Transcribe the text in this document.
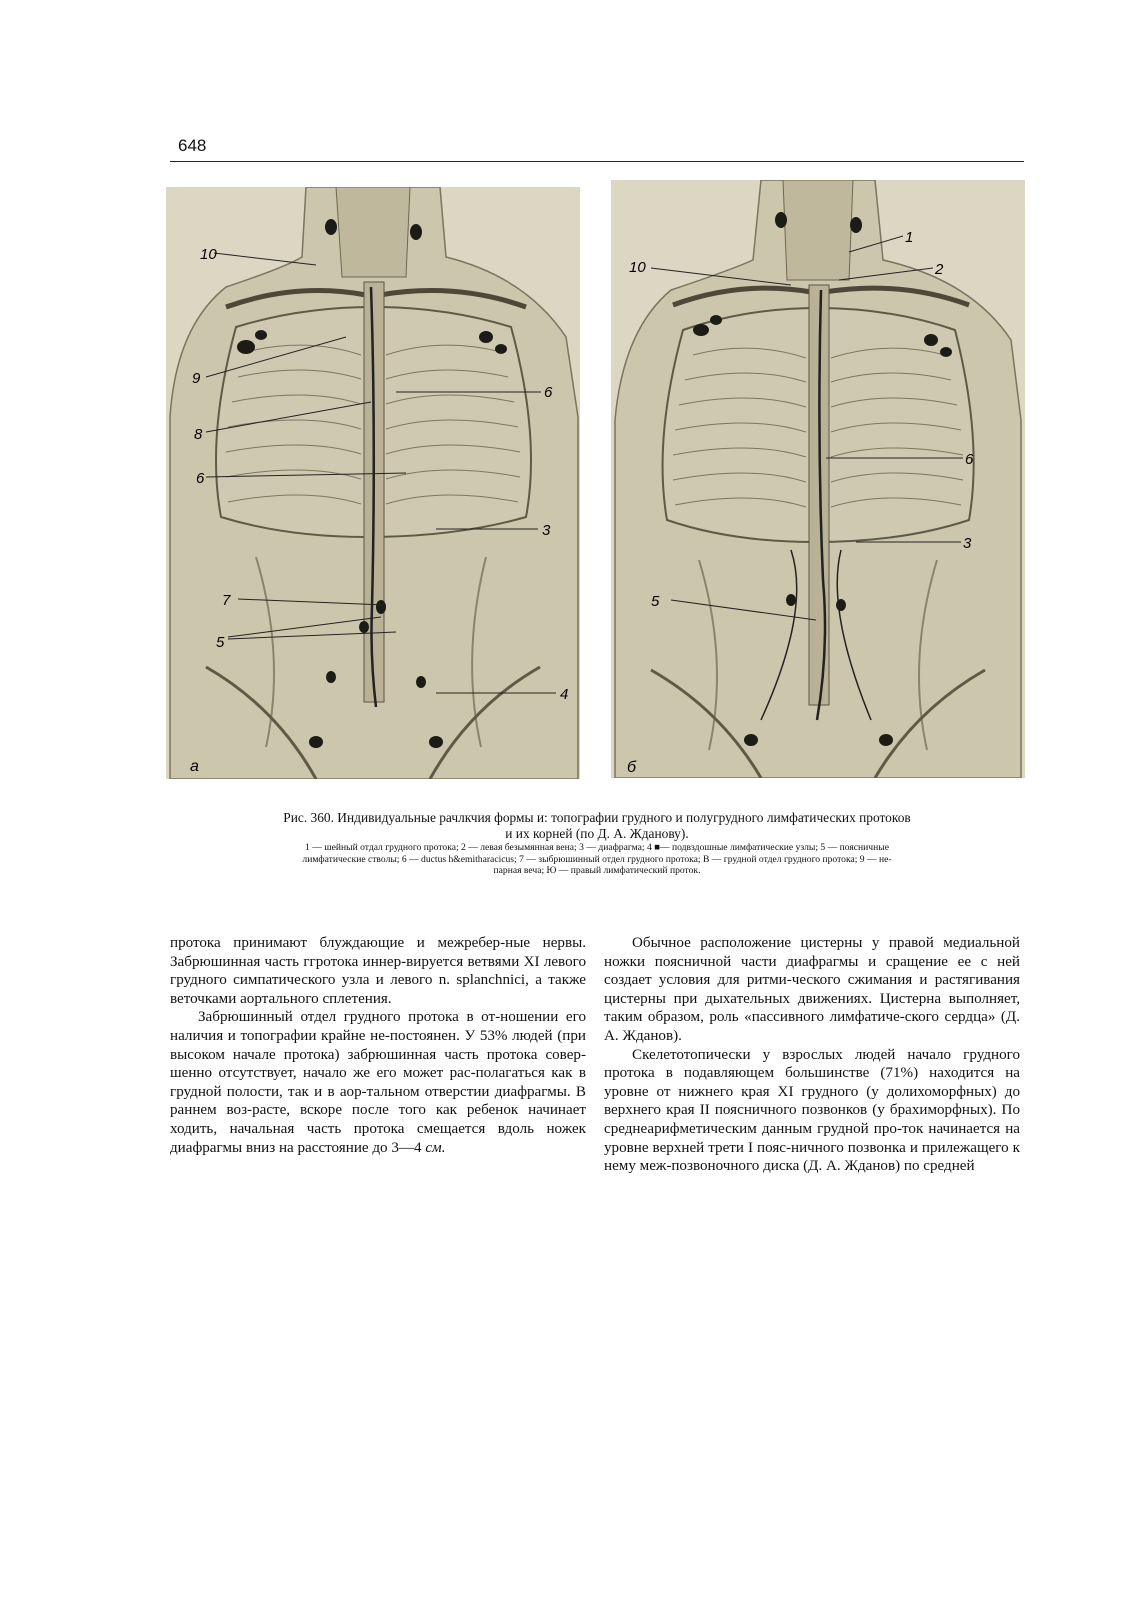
648
10
9
8
6
6
3
7
5
4
а
1
2
10
6
3
5
б
Рис. 360. Индивидуальные рачлкчия формы и: топографии грудного и полугрудного лимфатических протоков
и их корней (по Д. А. Жданову).
1 — шейный отдал грудного протока; 2 — левая безымянная вена; 3 — диафрагма; 4 ■— подвздошные лимфатические узлы; 5 — поясничные
лимфатические стволы; 6 — ductus h&emitharacicus; 7 — зыбрюшинный отдел грудного протока; В — грудной отдел грудного протока; 9 — не-
парная веча; Ю — правый лимфатический проток.

протока принимают блуждающие и межребер-ные нервы. Забрюшинная часть ггротока иннер-вируется ветвями XI левого грудного симпатического узла и левого n. splanchnici, а также веточками аортального сплетения.

Забрюшинный отдел грудного протока в от-ношении его наличия и топографии крайне не-постоянен. У 53% людей (при высоком начале протока) забрюшинная часть протока совер-шенно отсутствует, начало же его может рас-полагаться как в грудной полости, так и в аор-тальном отверстии диафрагмы. В раннем воз-расте, вскоре после того как ребенок начинает ходить, начальная часть протока смещается вдоль ножек диафрагмы вниз на расстояние до 3—4 см.

Обычное расположение цистерны у правой медиальной ножки поясничной части диафрагмы и сращение ее с ней создает условия для ритми-ческого сжимания и растягивания цистерны при дыхательных движениях. Цистерна выполняет, таким образом, роль «пассивного лимфатиче-ского сердца» (Д. А. Жданов).

Скелетотопически у взрослых людей начало грудного протока в подавляющем большинстве (71%) находится на уровне от нижнего края XI грудного (у долихоморфных) до верхнего края II поясничного позвонков (у брахиморфных). По среднеарифметическим данным грудной про-ток начинается на уровне верхней трети I пояс-ничного позвонка и прилежащего к нему меж-позвоночного диска (Д. А. Жданов) по средней
